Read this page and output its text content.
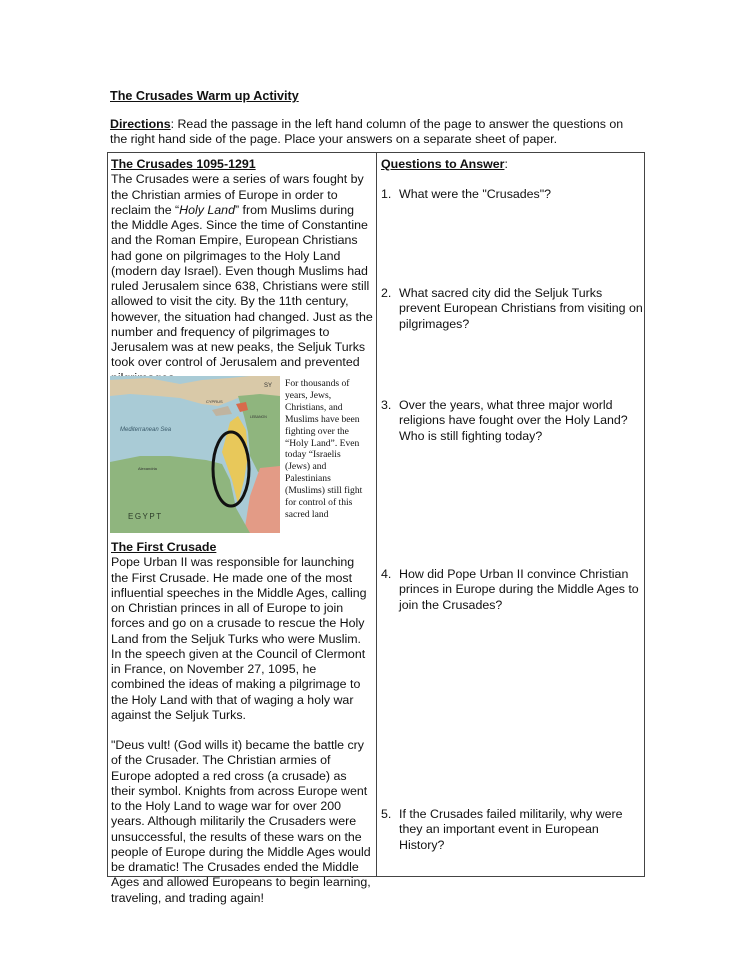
The Crusades Warm up Activity
Directions: Read the passage in the left hand column of the page to answer the questions on the right hand side of the page. Place your answers on a separate sheet of paper.
The Crusades 1095-1291

The Crusades were a series of wars fought by the Christian armies of Europe in order to reclaim the “Holy Land” from Muslims during the Middle Ages. Since the time of Constantine and the Roman Empire, European Christians had gone on pilgrimages to the Holy Land (modern day Israel). Even though Muslims had ruled Jerusalem since 638, Christians were still allowed to visit the city. By the 11th century, however, the situation had changed. Just as the number and frequency of pilgrimages to Jerusalem was at new peaks, the Seljuk Turks took over control of Jerusalem and prevented

Mediterranean Sea
EGYPT
CYPRUS
SY
LEBANON
Alexandria
For thousands of years, Jews, Christians, and Muslims have been fighting over the “Holy Land”. Even today “Israelis (Jews) and Palestinians (Muslims) still fight for control of this sacred land
The First Crusade

Pope Urban II was responsible for launching the First Crusade. He made one of the most influential speeches in the Middle Ages, calling on Christian princes in all of Europe to join forces and go on a crusade to rescue the Holy Land from the Seljuk Turks who were Muslim. In the speech given at the Council of Clermont in France, on November 27, 1095, he combined the ideas of making a pilgrimage to the Holy Land with that of waging a holy war against the Seljuk Turks.

"Deus vult! (God wills it) became the battle cry of the Crusader. The Christian armies of Europe adopted a red cross (a crusade) as their symbol. Knights from across Europe went to the Holy Land to wage war for over 200 years. Although militarily the Crusaders were unsuccessful, the results of these wars on the people of Europe during the Middle Ages would be dramatic! The Crusades ended the Middle Ages and allowed Europeans to begin learning, traveling, and trading again!

Questions to Answer:
1. What were the "Crusades"?
2. What sacred city did the Seljuk Turks prevent European Christians from visiting on pilgrimages?
3. Over the years, what three major world religions have fought over the Holy Land? Who is still fighting today?
4. How did Pope Urban II convince Christian princes in Europe during the Middle Ages to join the Crusades?
5. If the Crusades failed militarily, why were they an important event in European History?
